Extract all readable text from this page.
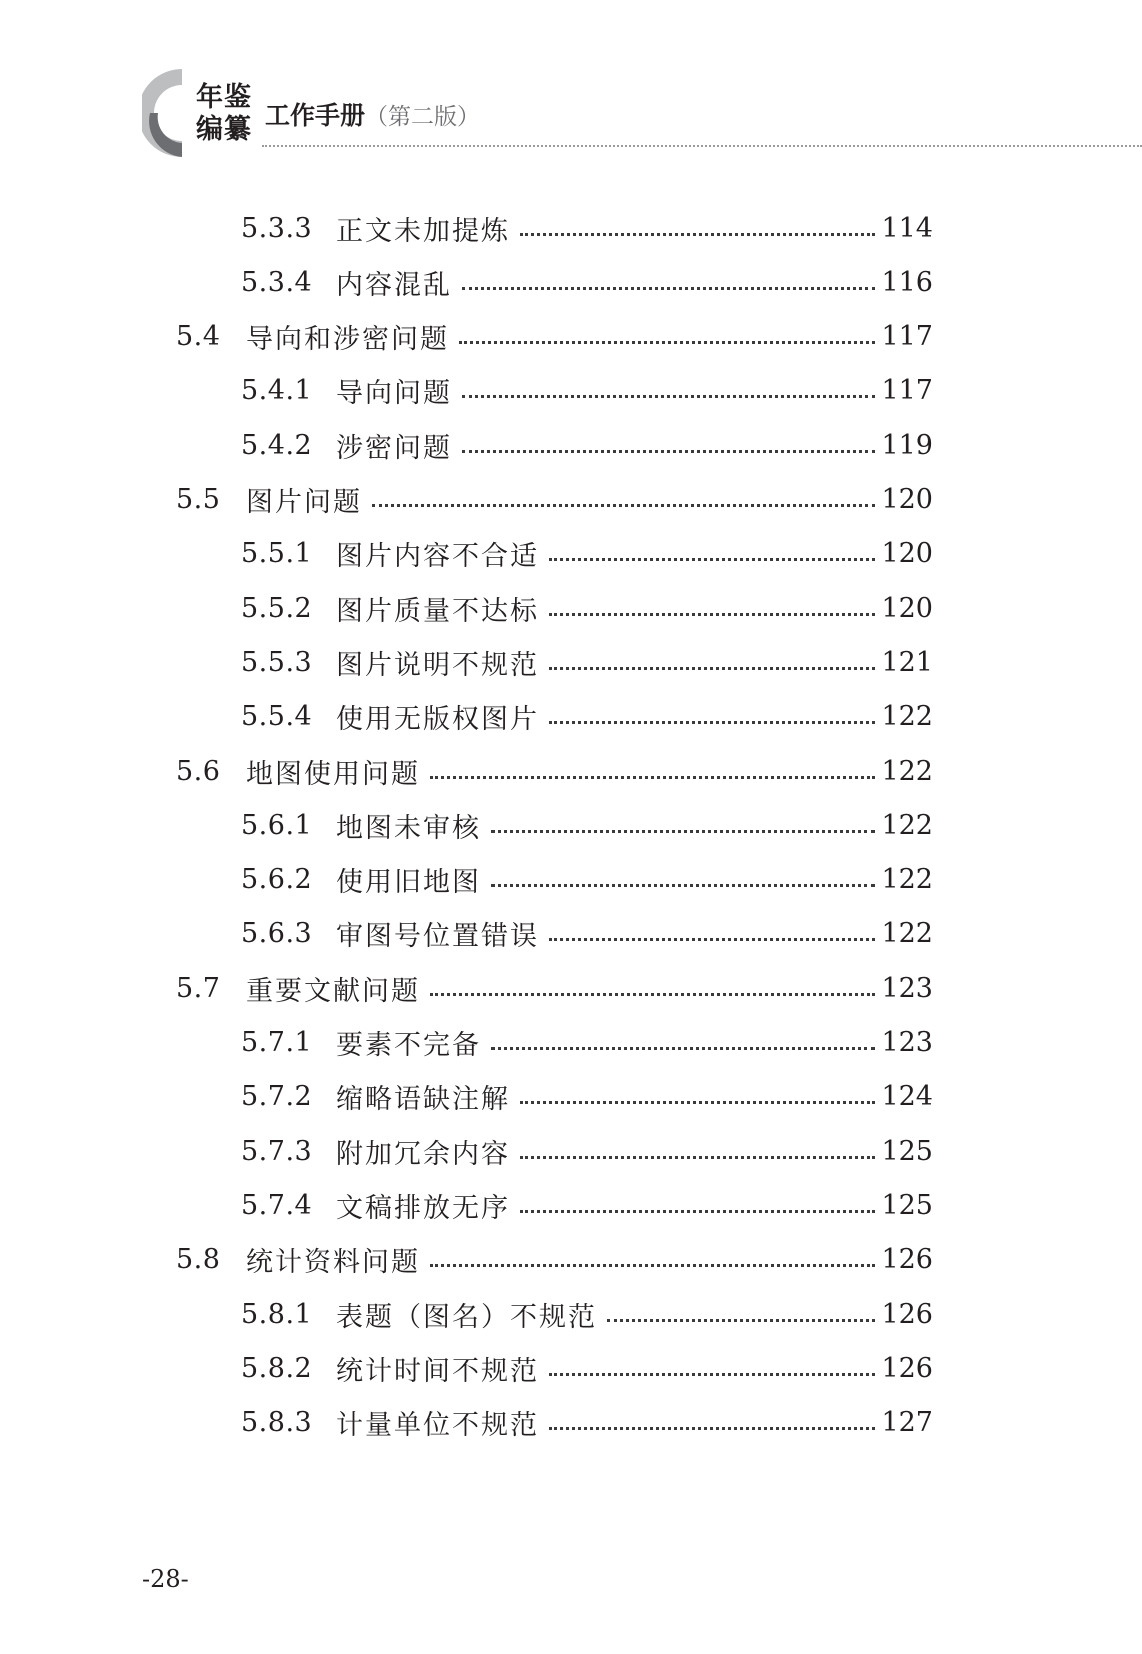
年鉴
编纂 工作手册（第二版）
5.3.3 正文未加提炼	114
5.3.4 内容混乱	116
5.4 导向和涉密问题	117
5.4.1 导向问题	117
5.4.2 涉密问题	119
5.5 图片问题	120
5.5.1 图片内容不合适	120
5.5.2 图片质量不达标	120
5.5.3 图片说明不规范	121
5.5.4 使用无版权图片	122
5.6 地图使用问题	122
5.6.1 地图未审核	122
5.6.2 使用旧地图	122
5.6.3 审图号位置错误	122
5.7 重要文献问题	123
5.7.1 要素不完备	123
5.7.2 缩略语缺注解	124
5.7.3 附加冗余内容	125
5.7.4 文稿排放无序	125
5.8 统计资料问题	126
5.8.1 表题（图名）不规范	126
5.8.2 统计时间不规范	126
5.8.3 计量单位不规范	127
-28-
